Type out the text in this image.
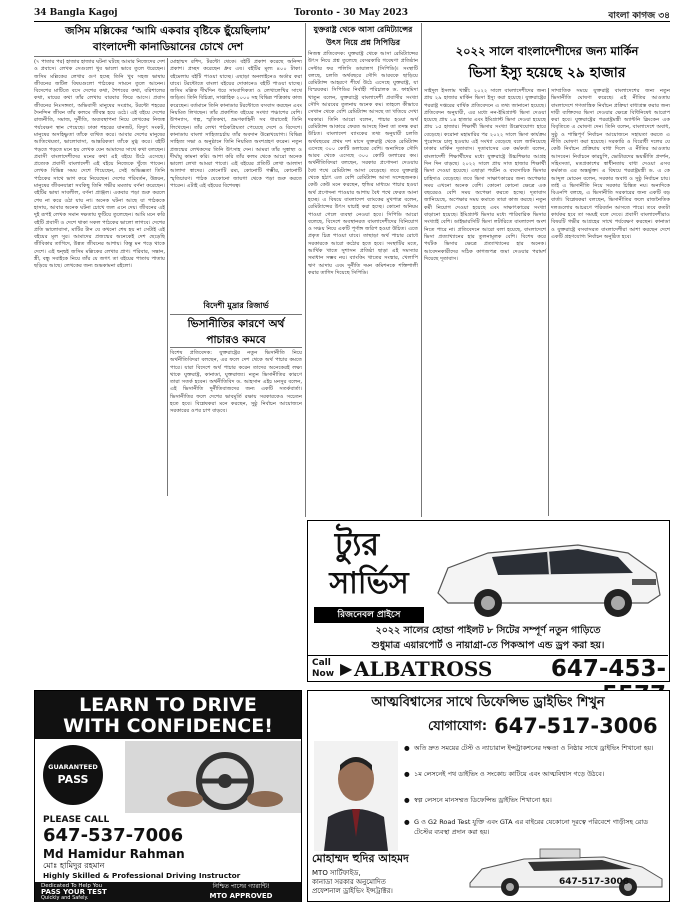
34 Bangla Kagoj	Toronto - 30 May 2023	বাংলা কাগজ ৩৪
জসিম মল্লিকের ‘আমি একবার বৃষ্টিকে ছুঁয়েছিলাম’
বাংলাদেশী কানাডিয়ানের চোখে দেশ
(৭ পাতার পর) হাজার হাজার ঘটনা ঘটছে আমার নিজেদের দেশ ও প্রবাসে। লেখক সেগুলো খুব ভালো ভাবে তুলে ধরেছেন। জসিম মল্লিকের লেখার গুণ হচ্ছে তিনি খুব সহজ ভাষায় জীবনের জটিল বিষয়গুলো পাঠকের সামনে তুলে আনেন। বিদেশের মাটিতে বসে দেশের কথা, শৈশবের কথা, বরিশালের কথা, মায়ের কথা তাঁর লেখায় বারবার ফিরে আসে। প্রবাস জীবনের নিঃসঙ্গতা, অভিবাসী মানুষের সংগ্রাম, টরন্টো শহরের দৈনন্দিন জীবন তাঁর কলমে জীবন্ত হয়ে ওঠে। এই বইয়ে দেশের রাজনীতি, সমাজ, দুর্নীতি, অব্যবস্থাপনা নিয়ে লেখকের নিজস্ব পর্যবেক্ষণ স্থান পেয়েছে। ঢাকা শহরের যানজট, বিদ্যুৎ সংকট, মানুষের অসহিষ্ণুতা তাঁকে ব্যথিত করে। আবার দেশের মানুষের আতিথেয়তা, ভালোবাসা, আন্তরিকতা তাঁকে মুগ্ধ করে। বইটি পড়তে পড়তে মনে হয় লেখক যেন আমাদের সাথে কথা বলছেন। প্রবাসী বাংলাদেশীদের মনের কথা এই বইয়ে উঠে এসেছে। প্রত্যেক প্রবাসী বাংলাদেশী এই বইয়ে নিজেকে খুঁজে পাবেন। লেখক বিভিন্ন সময় দেশে গিয়েছেন, সেই অভিজ্ঞতা তিনি পাঠকের সাথে ভাগ করে নিয়েছেন। দেশের পরিবর্তন, উন্নয়ন, মানুষের জীবনযাত্রা সবকিছু তিনি গভীর মমতায় বর্ণনা করেছেন। বইটির ভাষা সাবলীল, বর্ণনা প্রাঞ্জল। একবার পড়া শুরু করলে শেষ না করে ওঠা যায় না। অনেক ঘটনা আছে যা পাঠককে হাসায়, আবার অনেক ঘটনা চোখে জল এনে দেয়। জীবনের এই দুই রূপই লেখক সমান দক্ষতায় ফুটিয়ে তুলেছেন। আমি মনে করি বইটি প্রবাসী ও দেশে থাকা সকল পাঠকের ভালো লাগবে। দেশের প্রতি ভালোবাসা, মাটির টান যে কখনো শেষ হয় না সেটাই এই বইয়ের মূল সুর। আমাদের প্রজন্মের অনেকেই দেশ ছেড়েছি জীবিকার তাগিদে, উন্নত জীবনের আশায়। কিন্তু মন পড়ে থাকে দেশে। এই দ্বন্দ্বই জসিম মল্লিকের লেখার প্রাণ। পরিবার, সন্তান, স্ত্রী, বন্ধু সবাইকে নিয়ে তাঁর যে জগৎ তা বইয়ের পাতায় পাতায় ছড়িয়ে আছে। লেখকের জন্য শুভকামনা রইলো।
মোহাম্মদ রশিদ, টরন্টো থেকে। বইটি প্রকাশ করেছে অনিন্দ্য প্রকাশ। প্রচ্ছদ করেছেন ধ্রুব এষ। বইটির মূল্য ৪০০ টাকা। বইমেলায় বইটি পাওয়া যাচ্ছে। এছাড়া অনলাইনেও অর্ডার করা যাবে। টরন্টোতে বাংলা বইয়ের দোকানেও বইটি পাওয়া যাচ্ছে। জসিম মল্লিক দীর্ঘদিন ধরে সাংবাদিকতা ও লেখালেখির সাথে জড়িত। তিনি বিচিত্রা, সাপ্তাহিক ২০০০ সহ বিভিন্ন পত্রিকায় কাজ করেছেন। বর্তমানে তিনি কানাডার টরন্টোতে বসবাস করছেন এবং নিয়মিত লিখছেন। তাঁর প্রকাশিত বইয়ের সংখ্যা পঞ্চাশের বেশি। উপন্যাস, গল্প, স্মৃতিকথা, ভ্রমণকাহিনী সব ধারাতেই তিনি লিখেছেন। তাঁর লেখা পাঠকপ্রিয়তা পেয়েছে দেশে ও বিদেশে। কানাডায় বাংলা সাহিত্যচর্চায় তাঁর অবদান উল্লেখযোগ্য। বিভিন্ন সাহিত্য সভা ও অনুষ্ঠানে তিনি নিয়মিত অংশগ্রহণ করেন। নতুন প্রজন্মের লেখকদের তিনি উৎসাহ দেন। আমরা তাঁর সুস্বাস্থ্য ও দীর্ঘায়ু কামনা করি। আশা করি তাঁর কলম থেকে আরো অনেক ভালো লেখা আমরা পাবো। এই বইয়ের প্রতিটি লেখা আলাদা আলাদা স্বাদের। কোনোটি রম্য, কোনোটি গম্ভীর, কোনোটি স্মৃতিচারণ। পাঠক যেকোনো জায়গা থেকে পড়া শুরু করতে পারেন। এটাই এই বইয়ের বিশেষত্ব।
বিদেশী মুদ্রার রিজার্ভ
ভিসানীতির কারণে অর্থ পাচারও কমবে
বিশেষ প্রতিবেদক: যুক্তরাষ্ট্রের নতুন ভিসানীতি নিয়ে অর্থনীতিবিদরা বলছেন, এর ফলে দেশ থেকে অর্থ পাচার কমতে পারে। যারা বিদেশে অর্থ পাচার করেন তাদের অনেকেরই লক্ষ্য থাকে যুক্তরাষ্ট্র, কানাডা, যুক্তরাজ্য। নতুন ভিসানীতির কারণে তারা সতর্ক হবেন। অর্থনীতিবিদ ড. আহসান এইচ মনসুর বলেন, এই ভিসানীতি দুর্নীতিবাজদের জন্য একটি সতর্কবার্তা। ভিসানীতির ফলে দেশের ভাবমূর্তি রক্ষায় সরকারকেও সচেতন হতে হবে। বিশ্লেষকরা মনে করছেন, সুষ্ঠু নির্বাচন আয়োজনে সরকারের ওপর চাপ বাড়বে।
যুক্তরাষ্ট্র থেকে আসা রেমিট্যান্সের
উৎস নিয়ে প্রশ্ন সিপিডির
নিজস্ব প্রতিবেদক: যুক্তরাষ্ট্র থেকে আসা রেমিট্যান্সের উৎস নিয়ে প্রশ্ন তুলেছে বেসরকারি গবেষণা প্রতিষ্ঠান সেন্টার ফর পলিসি ডায়ালগ (সিপিডি)। সংস্থাটি বলছে, চলতি অর্থবছরে সৌদি আরবকে ছাড়িয়ে রেমিট্যান্স আহরণে শীর্ষে উঠে এসেছে যুক্তরাষ্ট্র, যা বিস্ময়কর। সিপিডির নির্বাহী পরিচালক ড. ফাহমিদা খাতুন বলেন, যুক্তরাষ্ট্রে বাংলাদেশী প্রবাসীর সংখ্যা সৌদি আরবের তুলনায় অনেক কম। তাহলে কীভাবে সেখান থেকে বেশি রেমিট্যান্স আসছে তা খতিয়ে দেখা দরকার। তিনি আরো বলেন, পাচার হওয়া অর্থ রেমিট্যান্স আকারে ফেরত আসছে কিনা তা তদন্ত করা উচিত। বাংলাদেশ ব্যাংকের তথ্য অনুযায়ী চলতি অর্থবছরের প্রথম দশ মাসে যুক্তরাষ্ট্র থেকে রেমিট্যান্স এসেছে ৩০০ কোটি ডলারের বেশি। অন্যদিকে সৌদি আরব থেকে এসেছে ৩০০ কোটি ডলারের কম। অর্থনীতিবিদরা বলছেন, সরকার প্রণোদনা দেওয়ায় বৈধ পথে রেমিট্যান্স আসা বেড়েছে। তবে যুক্তরাষ্ট্র থেকে হঠাৎ এত বেশি রেমিট্যান্স আসা সন্দেহজনক। কেউ কেউ মনে করছেন, হুন্ডির মাধ্যমে পাচার হওয়া অর্থ প্রণোদনা পাওয়ার আশায় বৈধ পথে ফেরত আনা হচ্ছে। এ বিষয়ে বাংলাদেশ ব্যাংকের মুখপাত্র বলেন, রেমিট্যান্সের উৎস যাচাই করা হচ্ছে। কোনো অনিয়ম পাওয়া গেলে ব্যবস্থা নেওয়া হবে। সিপিডি আরো বলেছে, বিদেশে অবস্থানরত বাংলাদেশীদের বিনিয়োগ ও সঞ্চয় নিয়ে একটি পূর্ণাঙ্গ জরিপ হওয়া উচিত। এতে প্রকৃত চিত্র পাওয়া যাবে। তাছাড়া অর্থ পাচার রোধে সরকারকে আরো কঠোর হতে হবে। সংস্থাটির মতে, আর্থিক খাতে সুশাসন প্রতিষ্ঠা ছাড়া এই সমস্যার সমাধান সম্ভব নয়। ব্যাংকিং খাতের সংস্কার, খেলাপি ঋণ আদায় এবং দুর্নীতি দমন কমিশনকে শক্তিশালী করার তাগিদ দিয়েছে সিপিডি।
২০২২ সালে বাংলাদেশীদের জন্য মার্কিন
ভিসা ইস্যু হয়েছে ২৯ হাজার
সাইদুল ইসলাম খান্তী: ২০২২ সালে বাংলাদেশীদের জন্য প্রায় ২৯ হাজার মার্কিন ভিসা ইস্যু করা হয়েছে। যুক্তরাষ্ট্রের পররাষ্ট্র দপ্তরের বার্ষিক প্রতিবেদনে এ তথ্য জানানো হয়েছে। প্রতিবেদন অনুযায়ী, এর মধ্যে নন-ইমিগ্র্যান্ট ভিসা দেওয়া হয়েছে প্রায় ১৪ হাজার এবং ইমিগ্র্যান্ট ভিসা দেওয়া হয়েছে প্রায় ১৫ হাজার। শিক্ষার্থী ভিসার সংখ্যা উল্লেখযোগ্য হারে বেড়েছে। করোনা মহামারির পর ২০২২ সালে ভিসা কার্যক্রম পুরোদমে চালু হওয়ায় এই সংখ্যা বেড়েছে বলে জানিয়েছে ঢাকার মার্কিন দূতাবাস। দূতাবাসের এক কর্মকর্তা বলেন, বাংলাদেশী শিক্ষার্থীদের মধ্যে যুক্তরাষ্ট্রে উচ্চশিক্ষার আগ্রহ দিন দিন বাড়ছে। ২০২২ সালে প্রায় সাত হাজার শিক্ষার্থী ভিসা দেওয়া হয়েছে। এছাড়া পর্যটন ও ব্যবসায়িক ভিসার চাহিদাও বেড়েছে। তবে ভিসা সাক্ষাৎকারের জন্য অপেক্ষার সময় এখনো অনেক বেশি। কোনো কোনো ক্ষেত্রে এক বছরেরও বেশি সময় অপেক্ষা করতে হচ্ছে। দূতাবাস জানিয়েছে, অপেক্ষার সময় কমাতে তারা কাজ করছে। নতুন কর্মী নিয়োগ দেওয়া হয়েছে এবং সাক্ষাৎকারের সংখ্যা বাড়ানো হয়েছে। ইমিগ্র্যান্ট ভিসার মধ্যে পারিবারিক ভিসার সংখ্যাই বেশি। ডাইভারসিটি ভিসা লটারিতে বাংলাদেশ অংশ নিতে পারে না। প্রতিবেদনে আরো বলা হয়েছে, বাংলাদেশে ভিসা প্রত্যাখ্যানের হার তুলনামূলক বেশি। বিশেষ করে পর্যটক ভিসার ক্ষেত্রে প্রত্যাখ্যানের হার অনেক। আবেদনকারীদের সঠিক কাগজপত্র জমা দেওয়ার পরামর্শ দিয়েছে দূতাবাস।
সাম্প্রতিক সময়ে যুক্তরাষ্ট্র বাংলাদেশের জন্য নতুন ভিসানীতি ঘোষণা করেছে। এই নীতির আওতায় বাংলাদেশে গণতান্ত্রিক নির্বাচন প্রক্রিয়া বাধাগ্রস্ত করার জন্য দায়ী ব্যক্তিদের ভিসা দেওয়ার ক্ষেত্রে বিধিনিষেধ আরোপ করা হবে। যুক্তরাষ্ট্রের পররাষ্ট্রমন্ত্রী অ্যান্টনি ব্লিংকেন এক বিবৃতিতে এ ঘোষণা দেন। তিনি বলেন, বাংলাদেশে অবাধ, সুষ্ঠু ও শান্তিপূর্ণ নির্বাচন আয়োজনে সহায়তা করতে এ নীতি ঘোষণা করা হয়েছে। সরকারি ও বিরোধী দলের যে কেউ নির্বাচন প্রক্রিয়ায় বাধা দিলে এ নীতির আওতায় আসবেন। নির্বাচনে কারচুপি, ভোটারদের ভয়ভীতি প্রদর্শন, সহিংসতা, মতপ্রকাশের স্বাধীনতায় বাধা দেওয়া এসব কর্মকাণ্ড এর অন্তর্ভুক্ত। এ বিষয়ে পররাষ্ট্রমন্ত্রী ড. এ কে আব্দুল মোমেন বলেন, সরকার অবাধ ও সুষ্ঠু নির্বাচন চায়। তাই এ ভিসানীতি নিয়ে সরকার চিন্তিত নয়। অন্যদিকে বিএনপি বলছে, এ ভিসানীতি সরকারের জন্য একটি বড় বার্তা। বিশ্লেষকরা বলছেন, ভিসানীতির ফলে রাজনৈতিক দলগুলোর আচরণে পরিবর্তন আসতে পারে। তবে কতটা কার্যকর হবে তা সময়ই বলে দেবে। প্রবাসী বাংলাদেশীরাও বিষয়টি গভীর আগ্রহের সাথে পর্যবেক্ষণ করছেন। কানাডা ও যুক্তরাষ্ট্রে বসবাসরত বাংলাদেশীরা আশা করছেন দেশে একটি গ্রহণযোগ্য নির্বাচন অনুষ্ঠিত হবে।
ট্যুর
সার্ভিস
রিজনেবল প্রাইসে
২০২২ সালের হোন্ডা পাইলট ৮ সিটের সম্পূর্ণ নতুন গাড়িতে
শুধুমাত্র এয়ারপোর্ট ও নায়াগ্রা-তে পিকআপ এন্ড ড্রপ করা হয়।
Call
Now ▶ ALBATROSS	647-453-
LEARN TO DRIVE
WITH CONFIDENCE!
GUARANTEED
PASS
PLEASE CALL
647-537-7006
Md Hamidur Rahman
মোঃ হামিদুর রহমান
Highly Skilled & Professional Driving Instructor
Dedicated To Help You
PASS YOUR TEST
Quickly and Safely.
নিশ্চিত পাসের গ্যারান্টি!
MTO APPROVED
আত্মবিশ্বাসের সাথে ডিফেন্সিভ ড্রাইভিং শিখুন
যোগাযোগ: 647-517-3006
● অতি দ্রুত সময়ের টেস্ট ও ন্যাচারাল ইন্সট্রাকশনের দক্ষতা ও নিষ্ঠার সাথে ড্রাইভিং শিখানো হয়।
● ১ম লেসনেই পথ ডাইভিং ও সংকোচ কাটিয়ে এবং আত্মবিশ্বাস গড়ে উঠবে।
● স্বল্প লেসনে মানসম্মত ডিফেন্সিভ ড্রাইভিং শিখানো হয়।
● G ও G2 Road Test যুক্তি এবং GTA এর বাইরের যেকোনো দূরত্বে পরিবেশে গাড়ীসহ রোড টেস্টের ব্যবস্থা প্রদান করা হয়।
মোহাম্মদ হুদির আহমদ
MTO সার্টিফাইড,
কানাডা সরকার অনুমোদিত
প্রফেশনাল ড্রাইভিং ইন্সট্রাক্টর।
647-517-3006
